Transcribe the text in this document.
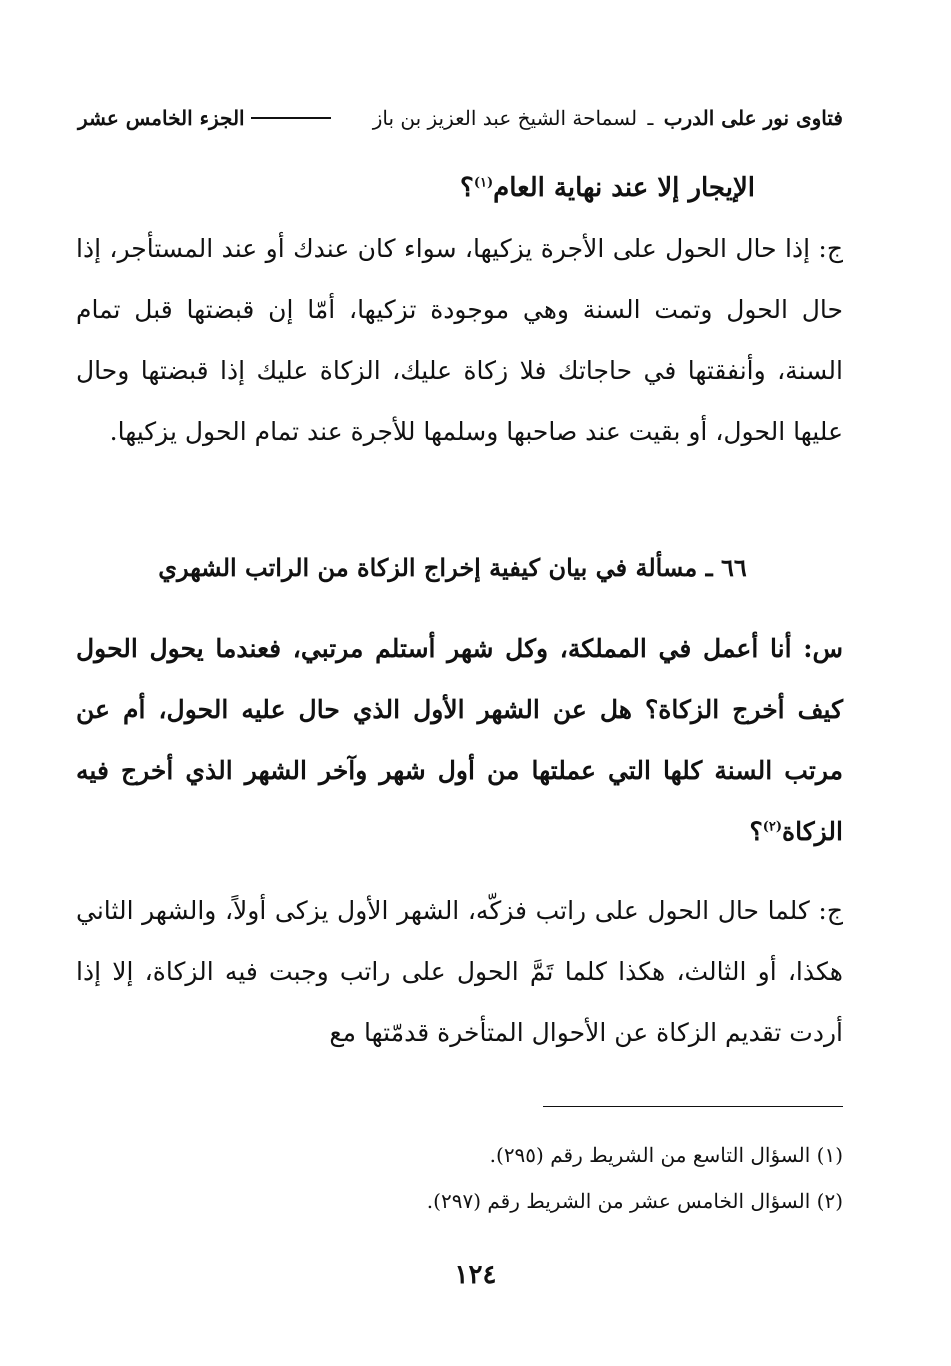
فتاوى نور على الدرب ـ لسماحة الشيخ عبد العزيز بن باز
الجزء الخامس عشر
الإيجار إلا عند نهاية العام$^{(١)}$؟
ج: إذا حال الحول على الأجرة يزكيها، سواء كان عندك أو عند المستأجر، إذا حال الحول وتمت السنة وهي موجودة تزكيها، أمّا إن قبضتها قبل تمام السنة، وأنفقتها في حاجاتك فلا زكاة عليك، الزكاة عليك إذا قبضتها وحال عليها الحول، أو بقيت عند صاحبها وسلمها للأجرة عند تمام الحول يزكيها.
٦٦ ـ مسألة في بيان كيفية إخراج الزكاة من الراتب الشهري
س: أنا أعمل في المملكة، وكل شهر أستلم مرتبي، فعندما يحول الحول كيف أخرج الزكاة؟ هل عن الشهر الأول الذي حال عليه الحول، أم عن مرتب السنة كلها التي عملتها من أول شهر وآخر الشهر الذي أخرج فيه الزكاة$^{(٢)}$؟
ج: كلما حال الحول على راتب فزكّه، الشهر الأول يزكى أولاً، والشهر الثاني هكذا، أو الثالث، هكذا كلما تَمَّ الحول على راتب وجبت فيه الزكاة، إلا إذا أردت تقديم الزكاة عن الأحوال المتأخرة قدمّتها مع
(١) السؤال التاسع من الشريط رقم (٢٩٥).
(٢) السؤال الخامس عشر من الشريط رقم (٢٩٧).
١٢٤
